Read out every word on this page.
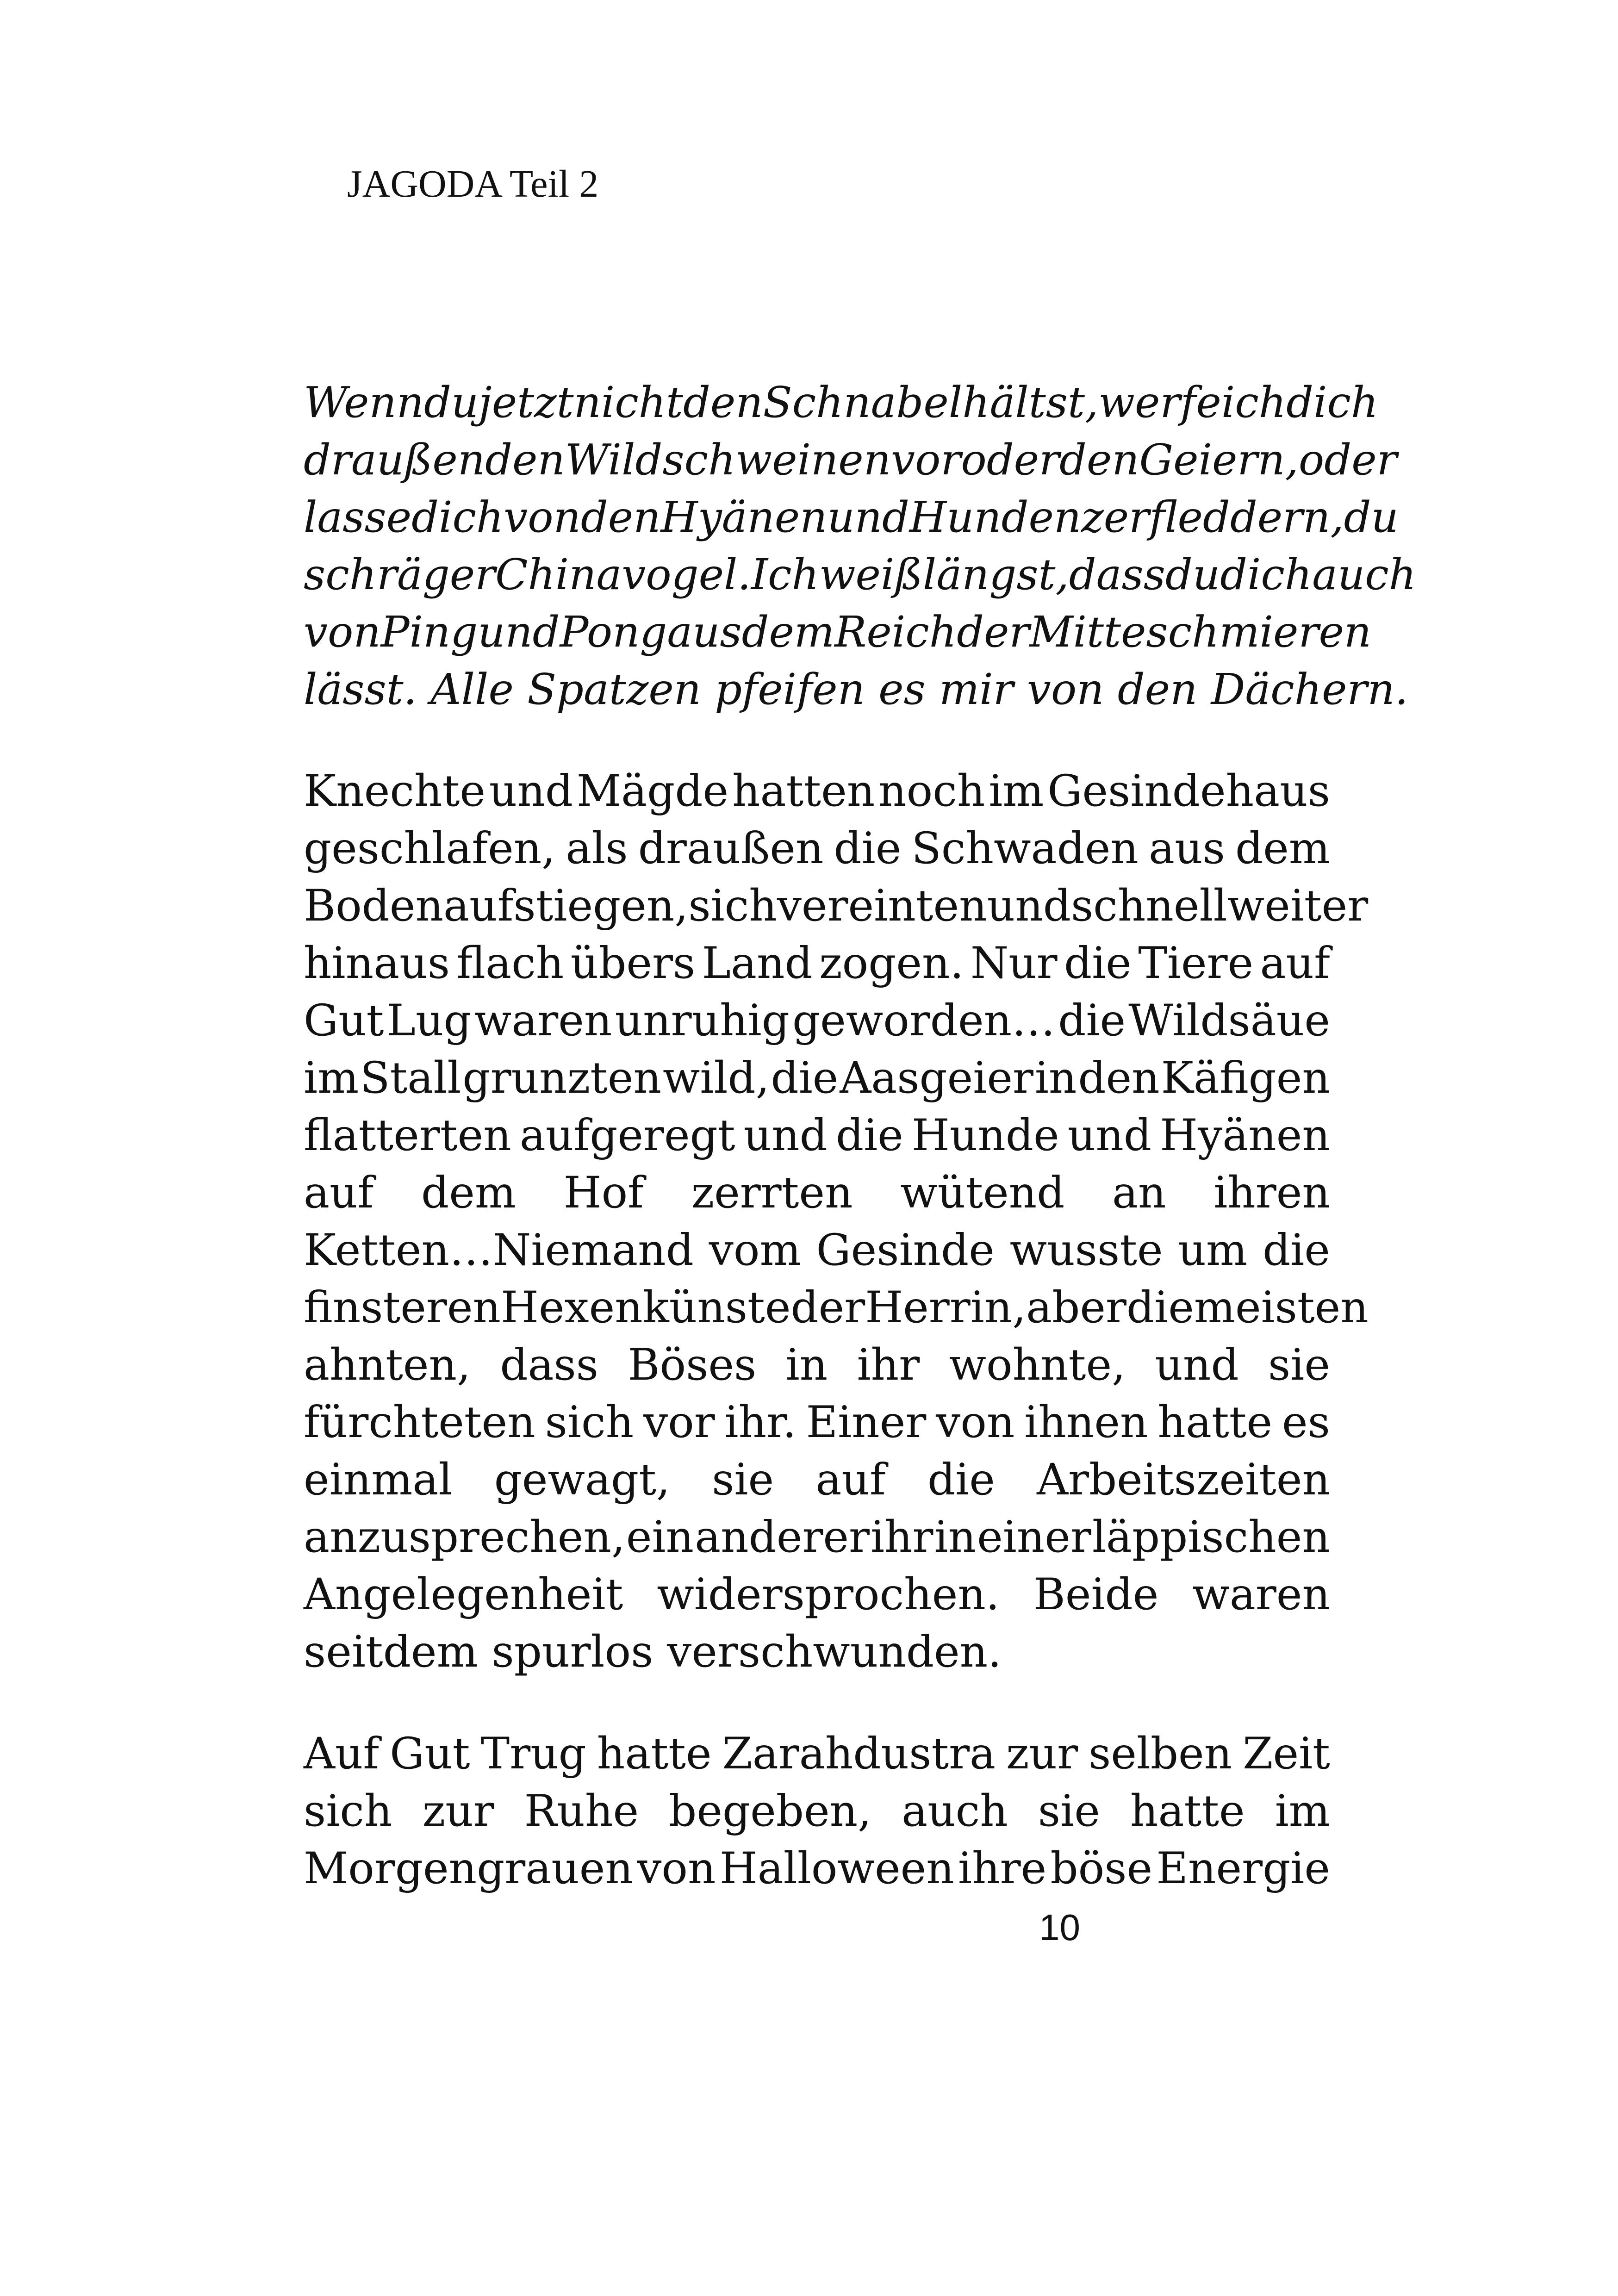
JAGODA Teil 2
Wenn du jetzt nicht den Schnabel hältst, werfe ich dich
draußen den Wildschweinen vor oder den Geiern, oder
lasse dich von den Hyänen und Hunden zerfleddern, du
schräger Chinavogel. Ich weiß längst, dass du dich auch
von Ping und Pong aus dem Reich der Mitte schmieren
lässt. Alle Spatzen pfeifen es mir von den Dächern.
Knechte und Mägde hatten noch im Gesindehaus
geschlafen, als draußen die Schwaden aus dem
Boden aufstiegen, sich vereinten und schnell weiter
hinaus flach übers Land zogen. Nur die Tiere auf
Gut Lug waren unruhig geworden… die Wildsäue
im Stall grunzten wild, die Aasgeier in den Käfigen
flatterten aufgeregt und die Hunde und Hyänen
auf dem Hof zerrten wütend an ihren
Ketten…Niemand vom Gesinde wusste um die
finsteren Hexenkünste der Herrin, aber die meisten
ahnten, dass Böses in ihr wohnte, und sie
fürchteten sich vor ihr. Einer von ihnen hatte es
einmal gewagt, sie auf die Arbeitszeiten
anzusprechen, ein anderer ihr in einer läppischen
Angelegenheit widersprochen. Beide waren
seitdem spurlos verschwunden.
Auf Gut Trug hatte Zarahdustra zur selben Zeit
sich zur Ruhe begeben, auch sie hatte im
Morgengrauen von Halloween ihre böse Energie
10
